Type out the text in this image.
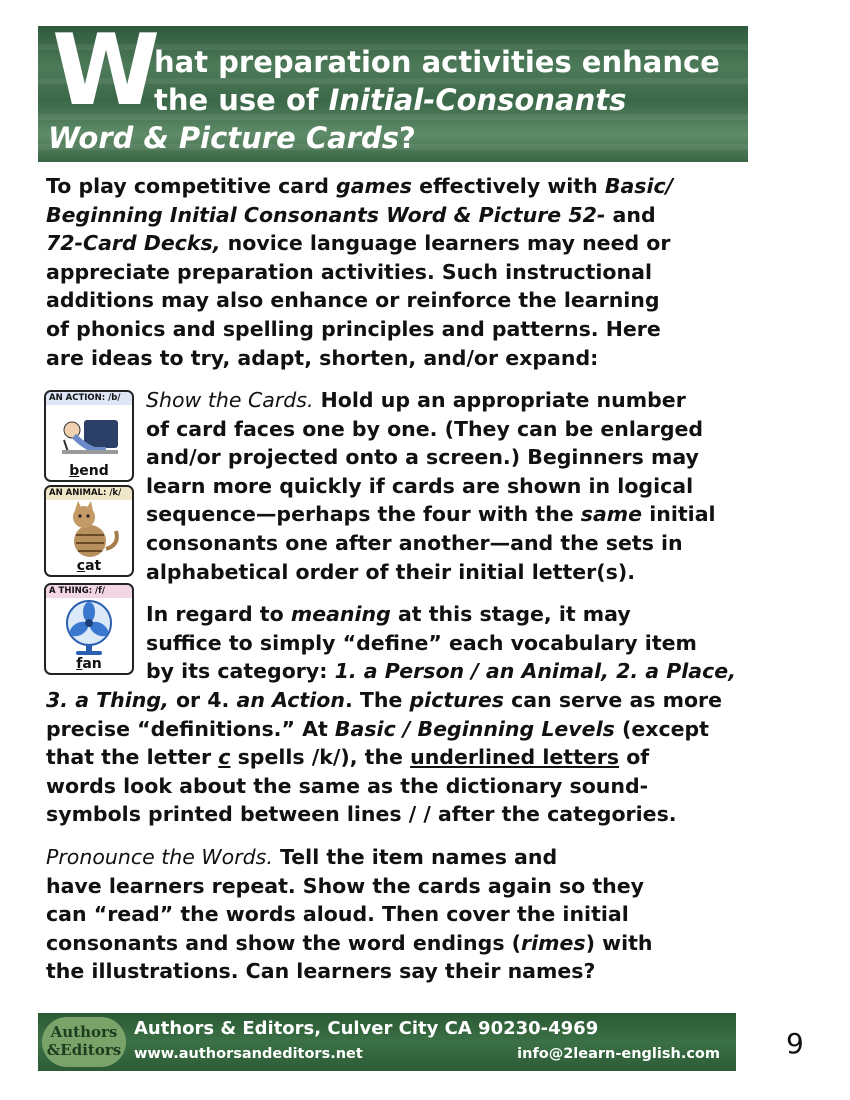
W
hat preparation activities enhance
the use of Initial-Consonants
Word & Picture Cards?

To play competitive card games effectively with Basic/
Beginning Initial Consonants Word & Picture 52- and
72-Card Decks, novice language learners may need or
appreciate preparation activities. Such instructional
additions may also enhance or reinforce the learning
of phonics and spelling principles and patterns. Here
are ideas to try, adapt, shorten, and/or expand:

Show the Cards. Hold up an appropriate number
of card faces one by one. (They can be enlarged
and/or projected onto a screen.) Beginners may
learn more quickly if cards are shown in logical
sequence—perhaps the four with the same initial
consonants one after another—and the sets in
alphabetical order of their initial letter(s).

In regard to meaning at this stage, it may
suffice to simply “define” each vocabulary item
by its category: 1. a Person / an Animal, 2. a Place,

3. a Thing, or 4. an Action. The pictures can serve as more
precise “definitions.” At Basic / Beginning Levels (except
that the letter c spells /k/), the underlined letters of
words look about the same as the dictionary sound-
symbols printed between lines / / after the categories.

Pronounce the Words. Tell the item names and
have learners repeat. Show the cards again so they
can “read” the words aloud. Then cover the initial
consonants and show the word endings (rimes) with
the illustrations. Can learners say their names?

AN ACTION: /b/
bend
AN ANIMAL: /k/
cat
A THING: /f/
fan
Authors
&Editors
Authors & Editors, Culver City CA 90230-4969
www.authorsandeditors.net	info@2learn-english.com 9
